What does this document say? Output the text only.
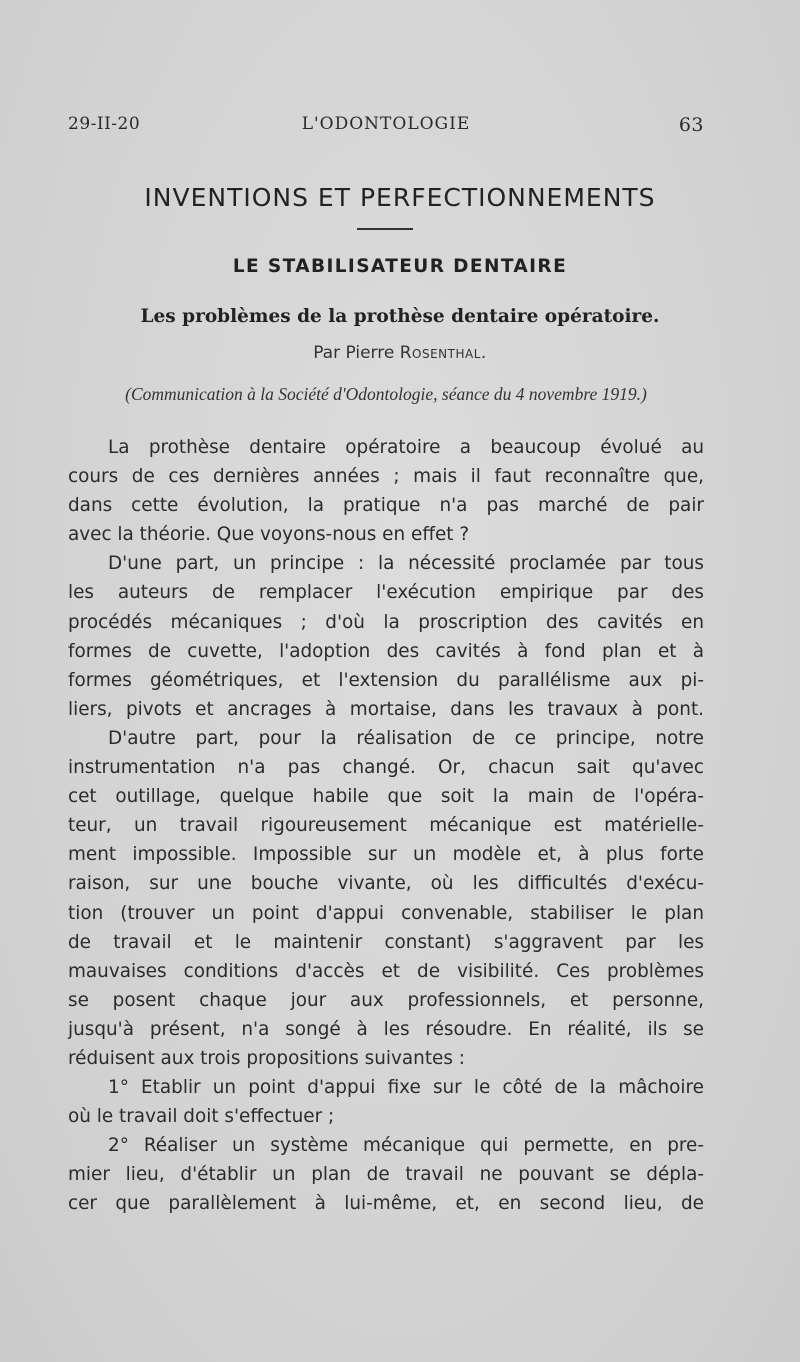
29-II-20	L'ODONTOLOGIE	63
INVENTIONS ET PERFECTIONNEMENTS
LE STABILISATEUR DENTAIRE
Les problèmes de la prothèse dentaire opératoire.
Par Pierre Rosenthal.
(Communication à la Société d'Odontologie, séance du 4 novembre 1919.)
La prothèse dentaire opératoire a beaucoup évolué au
cours de ces dernières années ; mais il faut reconnaître que,
dans cette évolution, la pratique n'a pas marché de pair
avec la théorie. Que voyons-nous en effet ?
D'une part, un principe : la nécessité proclamée par tous
les auteurs de remplacer l'exécution empirique par des
procédés mécaniques ; d'où la proscription des cavités en
formes de cuvette, l'adoption des cavités à fond plan et à
formes géométriques, et l'extension du parallélisme aux pi-
liers, pivots et ancrages à mortaise, dans les travaux à pont.
D'autre part, pour la réalisation de ce principe, notre
instrumentation n'a pas changé. Or, chacun sait qu'avec
cet outillage, quelque habile que soit la main de l'opéra-
teur, un travail rigoureusement mécanique est matérielle-
ment impossible. Impossible sur un modèle et, à plus forte
raison, sur une bouche vivante, où les difficultés d'exécu-
tion (trouver un point d'appui convenable, stabiliser le plan
de travail et le maintenir constant) s'aggravent par les
mauvaises conditions d'accès et de visibilité. Ces problèmes
se posent chaque jour aux professionnels, et personne,
jusqu'à présent, n'a songé à les résoudre. En réalité, ils se
réduisent aux trois propositions suivantes :
1° Etablir un point d'appui fixe sur le côté de la mâchoire
où le travail doit s'effectuer ;
2° Réaliser un système mécanique qui permette, en pre-
mier lieu, d'établir un plan de travail ne pouvant se dépla-
cer que parallèlement à lui-même, et, en second lieu, de
